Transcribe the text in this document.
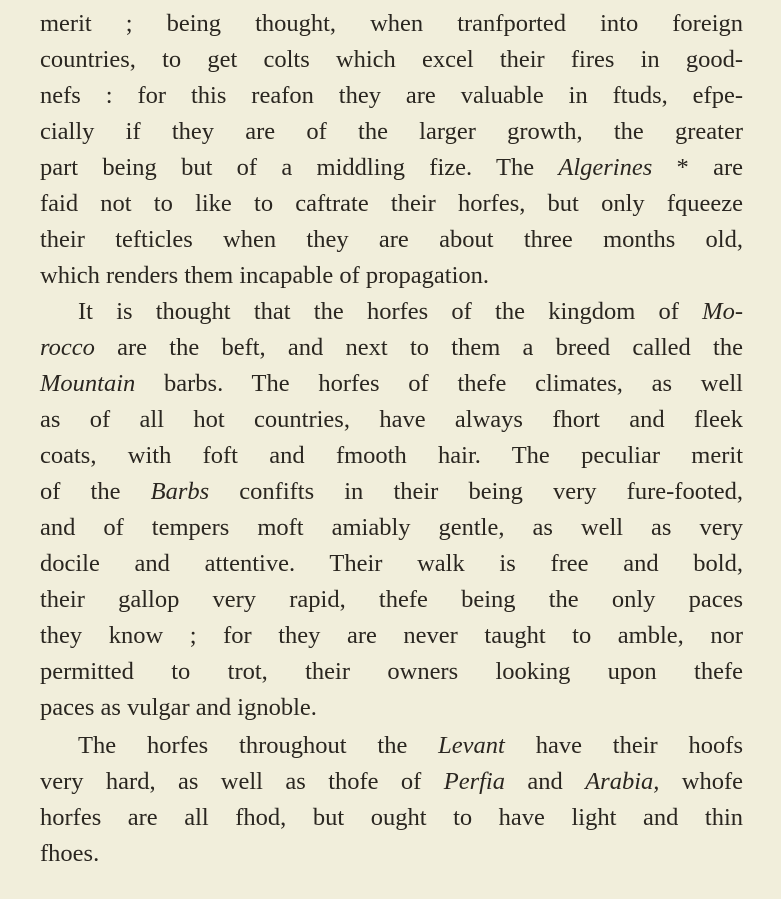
merit ; being thought, when tranfported into foreign
countries, to get colts which excel their fires in good-
nefs : for this reafon they are valuable in ftuds, efpe-
cially if they are of the larger growth, the greater
part being but of a middling fize. The Algerines * are
faid not to like to caftrate their horfes, but only fqueeze
their tefticles when they are about three months old,
which renders them incapable of propagation.
It is thought that the horfes of the kingdom of Mo-
rocco are the beft, and next to them a breed called the
Mountain barbs. The horfes of thefe climates, as well
as of all hot countries, have always fhort and fleek
coats, with foft and fmooth hair. The peculiar merit
of the Barbs confifts in their being very fure-footed,
and of tempers moft amiably gentle, as well as very
docile and attentive. Their walk is free and bold,
their gallop very rapid, thefe being the only paces
they know ; for they are never taught to amble, nor
permitted to trot, their owners looking upon thefe
paces as vulgar and ignoble.
The horfes throughout the Levant have their hoofs
very hard, as well as thofe of Perfia and Arabia, whofe
horfes are all fhod, but ought to have light and thin
fhoes.
